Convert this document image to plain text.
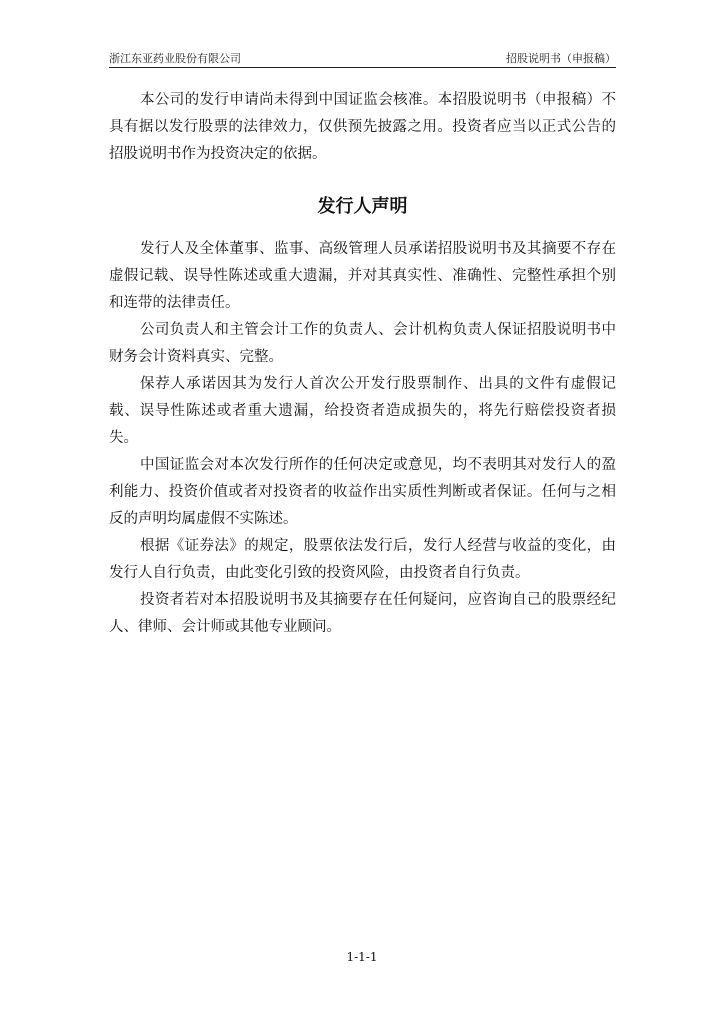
浙江东亚药业股份有限公司	招股说明书（申报稿）

本公司的发行申请尚未得到中国证监会核准。本招股说明书（申报稿）不具有据以发行股票的法律效力，仅供预先披露之用。投资者应当以正式公告的招股说明书作为投资决定的依据。

发行人声明

发行人及全体董事、监事、高级管理人员承诺招股说明书及其摘要不存在虚假记载、误导性陈述或重大遗漏，并对其真实性、准确性、完整性承担个别和连带的法律责任。

公司负责人和主管会计工作的负责人、会计机构负责人保证招股说明书中财务会计资料真实、完整。

保荐人承诺因其为发行人首次公开发行股票制作、出具的文件有虚假记载、误导性陈述或者重大遗漏，给投资者造成损失的，将先行赔偿投资者损失。

中国证监会对本次发行所作的任何决定或意见，均不表明其对发行人的盈利能力、投资价值或者对投资者的收益作出实质性判断或者保证。任何与之相反的声明均属虚假不实陈述。

根据《证券法》的规定，股票依法发行后，发行人经营与收益的变化，由发行人自行负责，由此变化引致的投资风险，由投资者自行负责。

投资者若对本招股说明书及其摘要存在任何疑问，应咨询自己的股票经纪人、律师、会计师或其他专业顾问。

1-1-1
